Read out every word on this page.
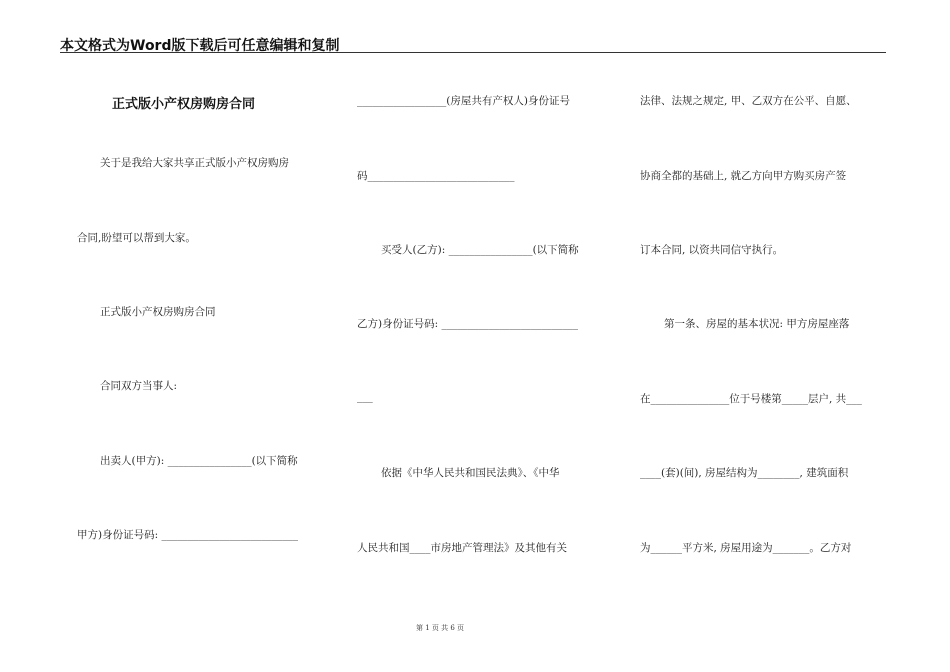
本文格式为Word版下载后可任意编辑和复制
正式版小产权房购房合同
关于是我给大家共享正式版小产权房购房
合同,盼望可以帮到大家。
正式版小产权房购房合同
合同双方当事人:
出卖人(甲方): ________________(以下简称
甲方)身份证号码: __________________________
_________________(房屋共有产权人)身份证号
码____________________________
买受人(乙方): ________________(以下简称
乙方)身份证号码: __________________________
___
依据《中华人民共和国民法典》、《中华
人民共和国____市房地产管理法》及其他有关
法律、法规之规定, 甲、乙双方在公平、自愿、
协商全都的基础上, 就乙方向甲方购买房产签
订本合同, 以资共同信守执行。
第一条、房屋的基本状况: 甲方房屋座落
在_______________位于号楼第_____层户, 共___
____(套)(间), 房屋结构为________, 建筑面积
为______平方米, 房屋用途为_______。乙方对
第 1 页 共 6 页
